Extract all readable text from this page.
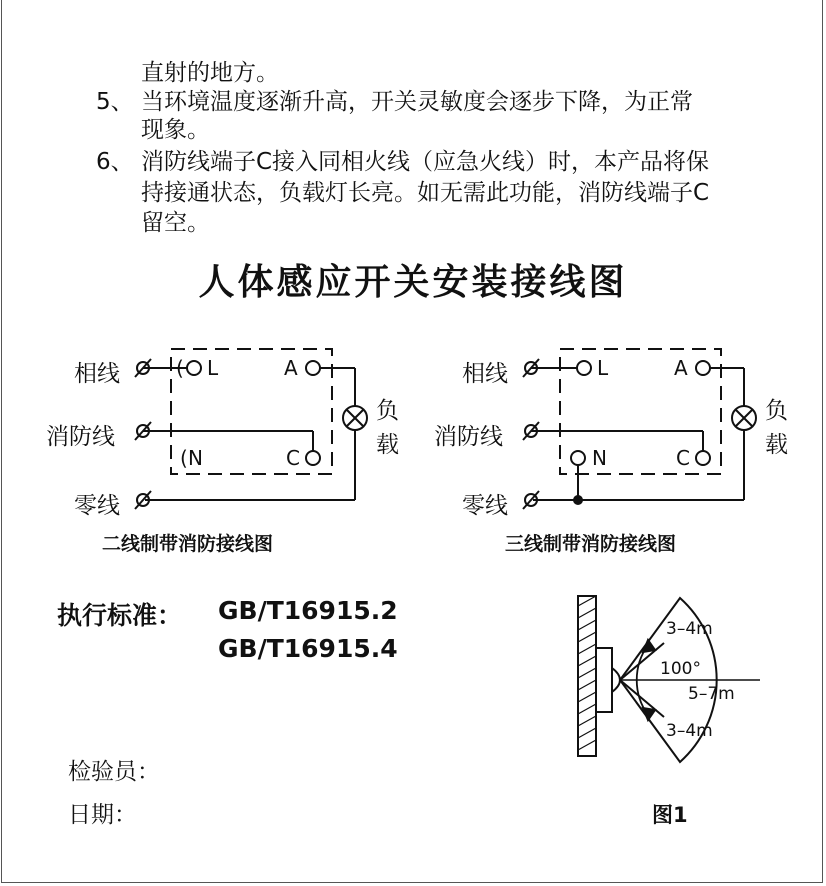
直射的地方。
5、 当环境温度逐渐升高，开关灵敏度会逐步下降，为正常
现象。
6、 消防线端子C接入同相火线（应急火线）时，本产品将保
持接通状态，负载灯长亮。如无需此功能，消防线端子C
留空。
人体感应开关安装接线图
相线
消防线
零线
L	A
N	C
(
(
负
载
二线制带消防接线图
相线
消防线
零线
L	A
N	C
负
载
三线制带消防接线图
执行标准： GB/T16915.2
GB/T16915.4
检验员：
日期：
3–4m
100°
5–7m
3–4m
图1
